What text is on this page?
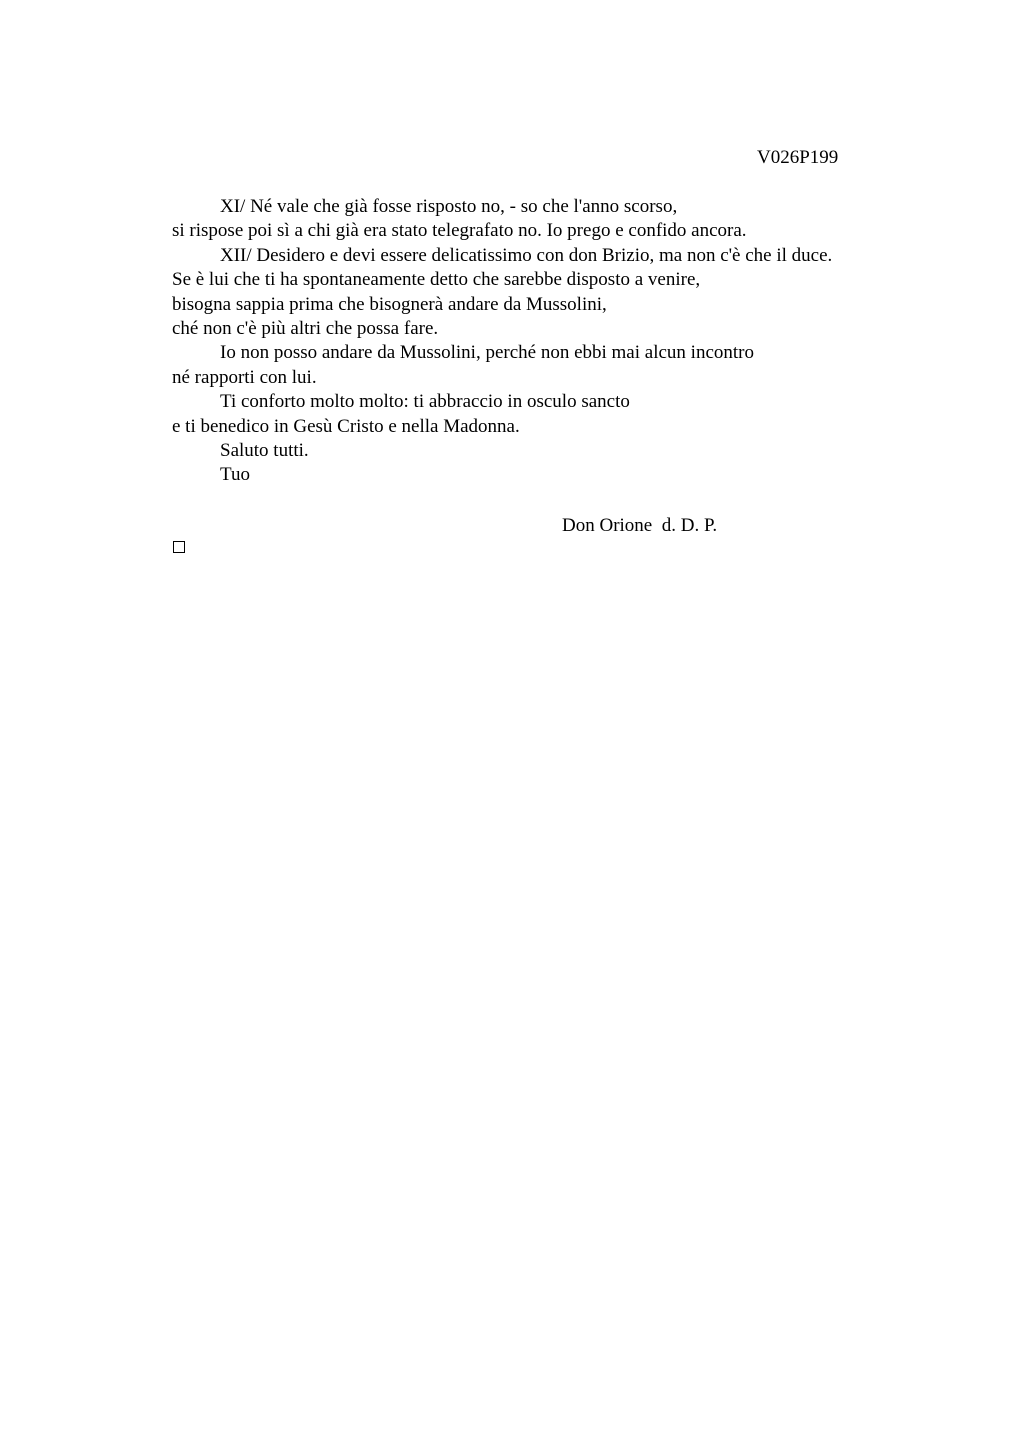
V026P199
XI/ Né vale che già fosse risposto no, - so che l'anno scorso,
si rispose poi sì a chi già era stato telegrafato no. Io prego e confido ancora.
XII/ Desidero e devi essere delicatissimo con don Brizio, ma non c'è che il duce.
Se è lui che ti ha spontaneamente detto che sarebbe disposto a venire,
bisogna sappia prima che bisognerà andare da Mussolini,
ché non c'è più altri che possa fare.
Io non posso andare da Mussolini, perché non ebbi mai alcun incontro
né rapporti con lui.
Ti conforto molto molto: ti abbraccio in osculo sancto
e ti benedico in Gesù Cristo e nella Madonna.
Saluto tutti.
Tuo
Don Orione  d. D. P.
